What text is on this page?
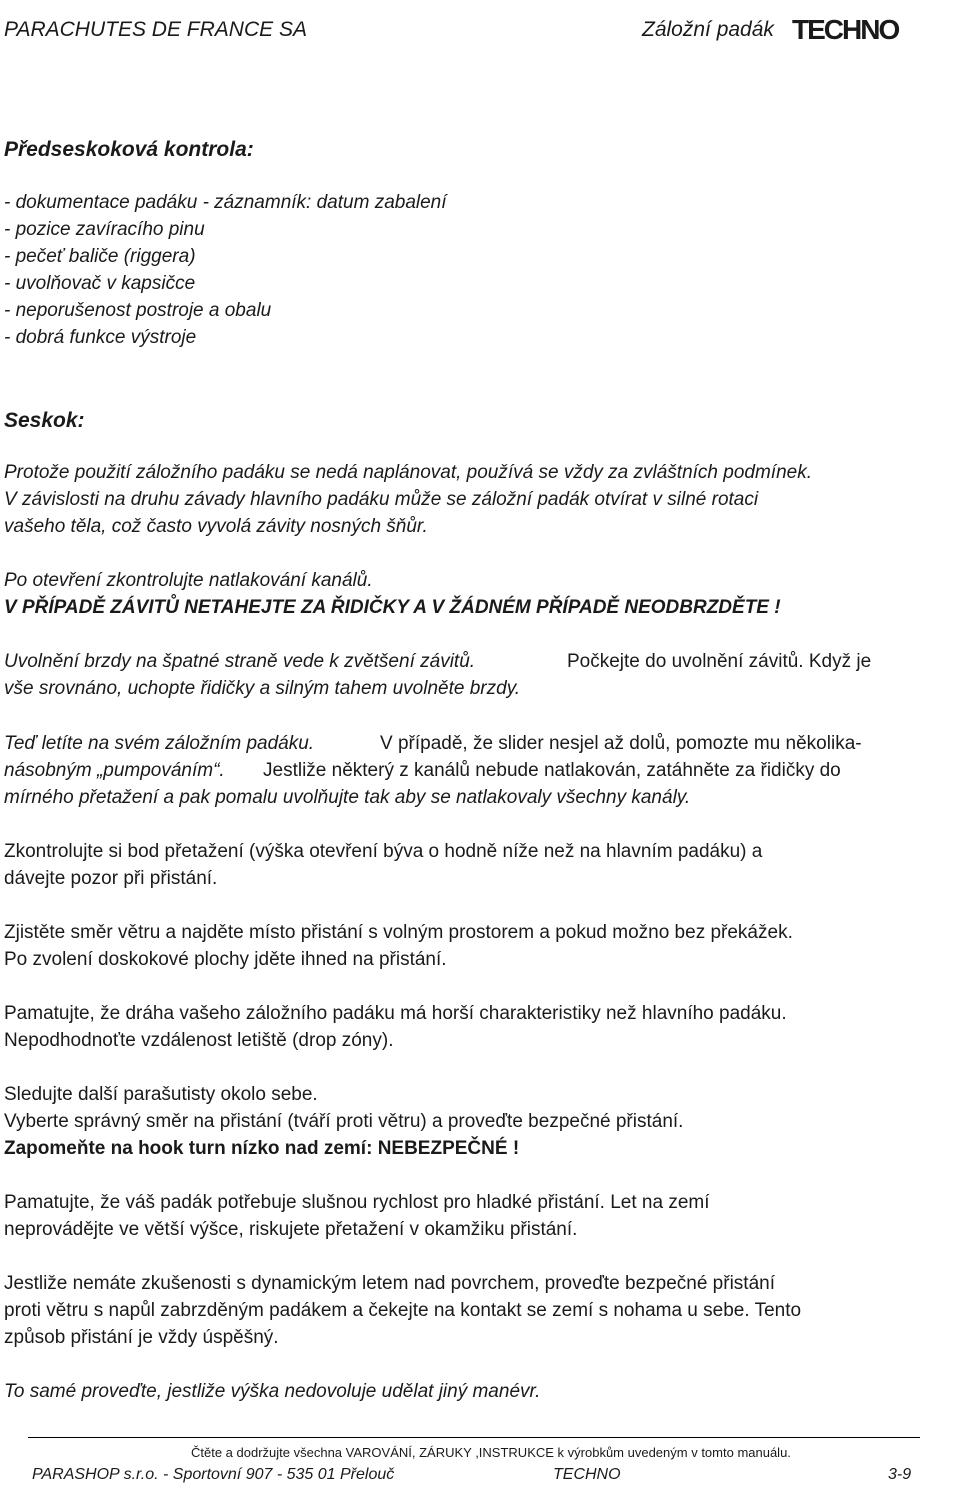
PARACHUTES DE FRANCE SA	Záložní padák TECHNO
Předseskoková kontrola:
- dokumentace padáku - záznamník: datum zabalení
- pozice zavíracího pinu
- pečeť baliče (riggera)
- uvolňovač v kapsičce
- neporušenost postroje a obalu
- dobrá funkce výstroje
Seskok:
Protože použití záložního padáku se nedá naplánovat, používá se vždy za zvláštních podmínek.
V závislosti na druhu závady hlavního padáku může se záložní padák otvírat v silné rotaci
vašeho těla, což často vyvolá závity nosných šňůr.
Po otevření zkontrolujte natlakování kanálů.
V PŘÍPADĚ ZÁVITŮ NETAHEJTE ZA ŘIDIČKY A V ŽÁDNÉM PŘÍPADĚ NEODBRZDĚTE !
Uvolnění brzdy na špatné straně vede k zvětšení závitů.	Počkejte do uvolnění závitů. Když je
vše srovnáno, uchopte řidičky a silným tahem uvolněte brzdy.
Teď letíte na svém záložním padáku.	V případě, že slider nesjel až dolů, pomozte mu několika-
násobným „pumpováním“. Jestliže některý z kanálů nebude natlakován, zatáhněte za řidičky do
mírného přetažení a pak pomalu uvolňujte tak aby se natlakovaly všechny kanály.
Zkontrolujte si bod přetažení (výška otevření býva o hodně níže než na hlavním padáku) a
dávejte pozor při přistání.
Zjistěte směr větru a najděte místo přistání s volným prostorem a pokud možno bez překážek.
Po zvolení doskokové plochy jděte ihned na přistání.
Pamatujte, že dráha vašeho záložního padáku má horší charakteristiky než hlavního padáku.
Nepodhodnoťte vzdálenost letiště (drop zóny).
Sledujte další parašutisty okolo sebe.
Vyberte správný směr na přistání (tváří proti větru) a proveďte bezpečné přistání.
Zapomeňte na hook turn nízko nad zemí: NEBEZPEČNÉ !
Pamatujte, že váš padák potřebuje slušnou rychlost pro hladké přistání. Let na zemí
neprovádějte ve větší výšce, riskujete přetažení v okamžiku přistání.
Jestliže nemáte zkušenosti s dynamickým letem nad povrchem, proveďte bezpečné přistání
proti větru s napůl zabrzděným padákem a čekejte na kontakt se zemí s nohama u sebe. Tento
způsob přistání je vždy úspěšný.
To samé proveďte, jestliže výška nedovoluje udělat jiný manévr.
Čtěte a dodržujte všechna VAROVÁNÍ, ZÁRUKY ,INSTRUKCE k výrobkům uvedeným v tomto manuálu.
PARASHOP s.r.o. - Sportovní 907 - 535 01 Přelouč	TECHNO	3-9
